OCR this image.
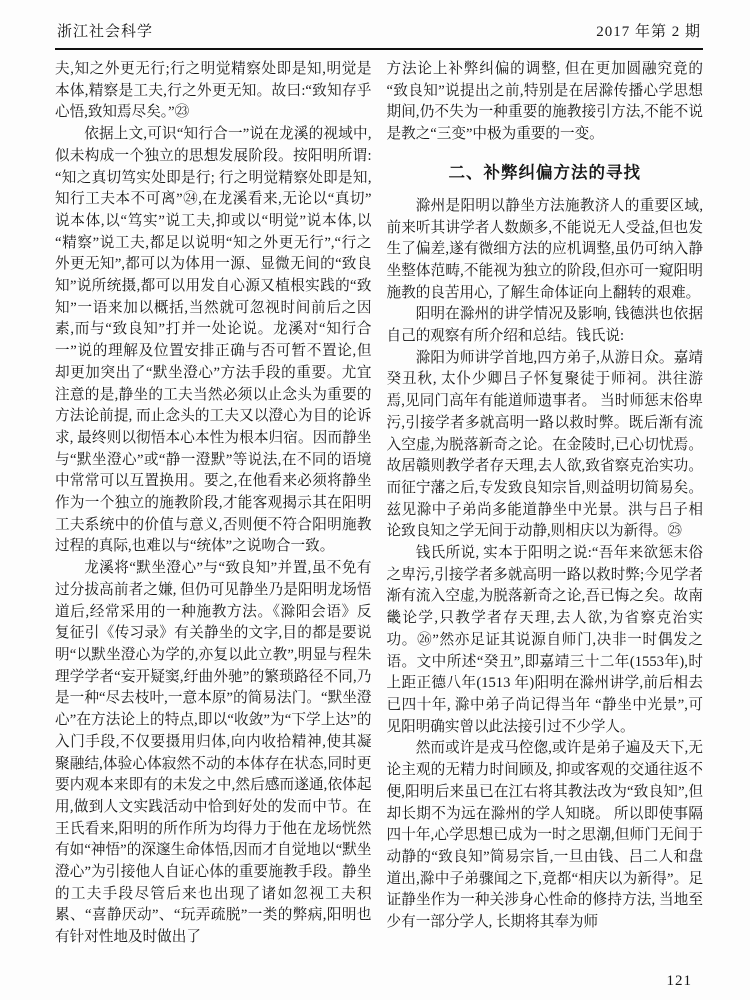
浙江社会科学	2017 年第 2 期

夫,知之外更无行;行之明觉精察处即是知,明觉是本体,精察是工夫,行之外更无知。故曰:“致知存乎心悟,致知焉尽矣。”㉓

依据上文,可识“知行合一”说在龙溪的视域中,似未构成一个独立的思想发展阶段。按阳明所谓:“知之真切笃实处即是行; 行之明觉精察处即是知,知行工夫本不可离”㉔,在龙溪看来,无论以“真切”说本体,以“笃实”说工夫,抑或以“明觉”说本体,以“精察”说工夫,都足以说明“知之外更无行”,“行之外更无知”,都可以为体用一源、显微无间的“致良知”说所统摄,都可以用发自心源又植根实践的“致知”一语来加以概括,当然就可忽视时间前后之因素,而与“致良知”打并一处论说。龙溪对“知行合一”说的理解及位置安排正确与否可暂不置论,但却更加突出了“默坐澄心”方法手段的重要。尤宜注意的是,静坐的工夫当然必须以止念头为重要的方法论前提, 而止念头的工夫又以澄心为目的论诉求, 最终则以彻悟本心本性为根本归宿。因而静坐与“默坐澄心”或“静一澄默”等说法,在不同的语境中常常可以互置换用。要之,在他看来必须将静坐作为一个独立的施教阶段,才能客观揭示其在阳明工夫系统中的价值与意义,否则便不符合阳明施教过程的真际,也难以与“统体”之说吻合一致。

龙溪将“默坐澄心”与“致良知”并置,虽不免有过分拔高前者之嫌, 但仍可见静坐乃是阳明龙场悟道后,经常采用的一种施教方法。《滁阳会语》反复征引《传习录》有关静坐的文字,目的都是要说明“以默坐澄心为学的,亦复以此立教”,明显与程朱理学学者“妄开疑窦,纡曲外驰”的繁琐路径不同,乃是一种“尽去枝叶,一意本原”的简易法门。“默坐澄心”在方法论上的特点,即以“收敛”为“下学上达”的入门手段,不仅要摄用归体,向内收拾精神,使其凝聚融结,体验心体寂然不动的本体存在状态,同时更要内观本来即有的未发之中,然后感而遂通,依体起用,做到人文实践活动中恰到好处的发而中节。在王氏看来,阳明的所作所为均得力于他在龙场恍然有如“神悟”的深邃生命体悟,因而才自觉地以“默坐澄心”为引接他人自证心体的重要施教手段。静坐的工夫手段尽管后来也出现了诸如忽视工夫积累、“喜静厌动”、“玩弄疏脱”一类的弊病,阳明也有针对性地及时做出了

方法论上补弊纠偏的调整, 但在更加圆融究竟的“致良知”说提出之前,特别是在居滁传播心学思想期间,仍不失为一种重要的施教接引方法,不能不说是教之“三变”中极为重要的一变。

二、补弊纠偏方法的寻找

滁州是阳明以静坐方法施教济人的重要区域,前来听其讲学者人数颇多,不能说无人受益,但也发生了偏差,遂有微细方法的应机调整,虽仍可纳入静坐整体范畴,不能视为独立的阶段,但亦可一窥阳明施教的良苦用心, 了解生命体证向上翻转的艰难。

阳明在滁州的讲学情况及影响, 钱德洪也依据自己的观察有所介绍和总结。钱氏说:

滁阳为师讲学首地,四方弟子,从游日众。嘉靖癸丑秋, 太仆少卿吕子怀复聚徒于师祠。洪往游焉,见同门高年有能道师遗事者。 当时师惩末俗卑污,引接学者多就高明一路以救时弊。既后渐有流入空虚,为脱落新奇之论。在金陵时,已心切忧焉。故居赣则教学者存天理,去人欲,致省察克治实功。而征宁藩之后,专发致良知宗旨,则益明切简易矣。 兹见滁中子弟尚多能道静坐中光景。洪与吕子相论致良知之学无间于动静,则相庆以为新得。㉕

钱氏所说, 实本于阳明之说:“吾年来欲惩末俗之卑污,引接学者多就高明一路以救时弊;今见学者渐有流入空虚,为脱落新奇之论,吾已悔之矣。故南畿论学,只教学者存天理,去人欲,为省察克治实功。㉖”然亦足证其说源自师门,决非一时偶发之语。文中所述“癸丑”,即嘉靖三十二年(1553年),时上距正德八年(1513 年)阳明在滁州讲学,前后相去已四十年, 滁中弟子尚记得当年 “静坐中光景”,可见阳明确实曾以此法接引过不少学人。

然而或许是戎马倥偬,或许是弟子遍及天下,无论主观的无精力时间顾及, 抑或客观的交通往返不便,阳明后来虽已在江右将其教法改为“致良知”,但却长期不为远在滁州的学人知晓。 所以即使事隔四十年,心学思想已成为一时之思潮,但师门无间于动静的“致良知”简易宗旨,一旦由钱、吕二人和盘道出,滁中子弟骤闻之下,竟都“相庆以为新得”。足证静坐作为一种关涉身心性命的修持方法, 当地至少有一部分学人, 长期将其奉为师

121
